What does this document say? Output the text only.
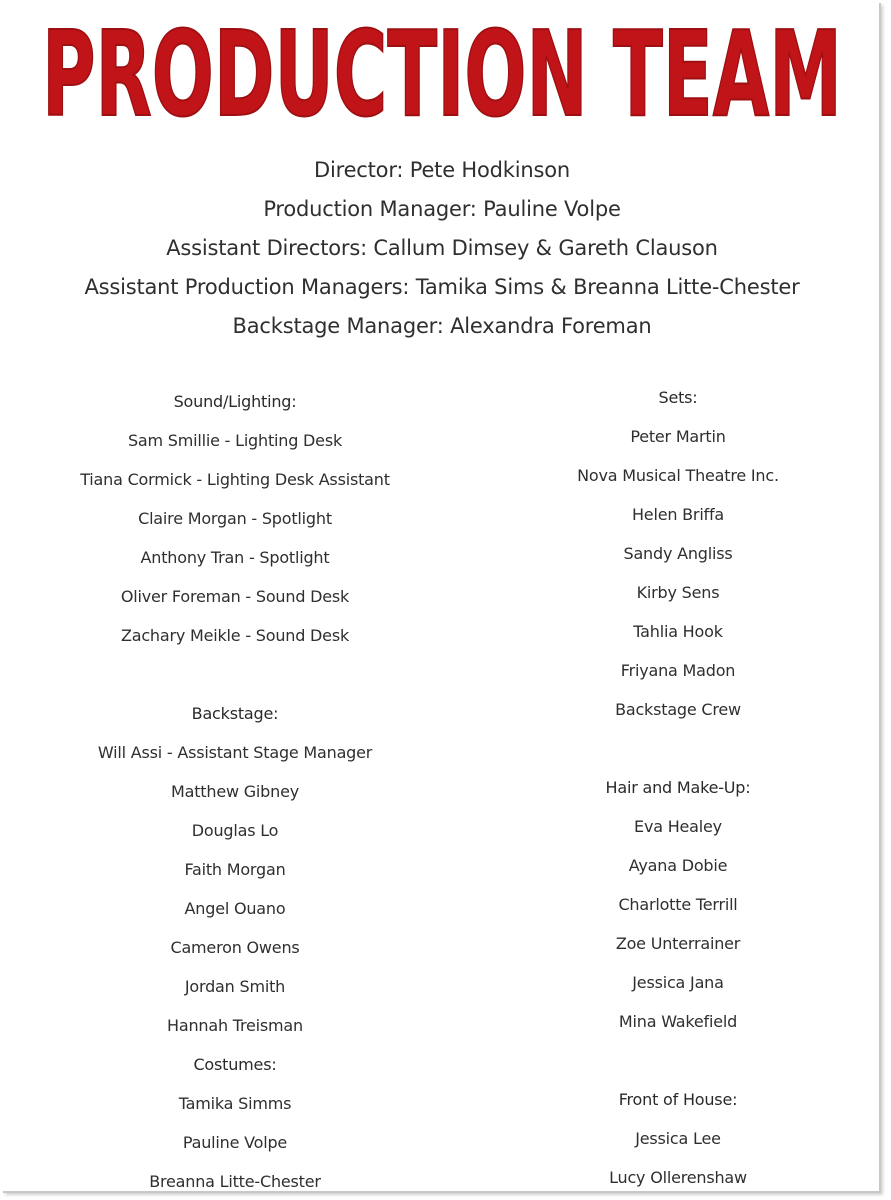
PRODUCTION TEAM
Director: Pete Hodkinson
Production Manager: Pauline Volpe
Assistant Directors: Callum Dimsey & Gareth Clauson
Assistant Production Managers: Tamika Sims & Breanna Litte-Chester
Backstage Manager: Alexandra Foreman
Sound/Lighting:
Sam Smillie - Lighting Desk
Tiana Cormick - Lighting Desk Assistant
Claire Morgan - Spotlight
Anthony Tran - Spotlight
Oliver Foreman - Sound Desk
Zachary Meikle - Sound Desk
Backstage:
Will Assi - Assistant Stage Manager
Matthew Gibney
Douglas Lo
Faith Morgan
Angel Ouano
Cameron Owens
Jordan Smith
Hannah Treisman
Costumes:
Tamika Simms
Pauline Volpe
Breanna Litte-Chester
Sets:
Peter Martin
Nova Musical Theatre Inc.
Helen Briffa
Sandy Angliss
Kirby Sens
Tahlia Hook
Friyana Madon
Backstage Crew
Hair and Make-Up:
Eva Healey
Ayana Dobie
Charlotte Terrill
Zoe Unterrainer
Jessica Jana
Mina Wakefield
Front of House:
Jessica Lee
Lucy Ollerenshaw
